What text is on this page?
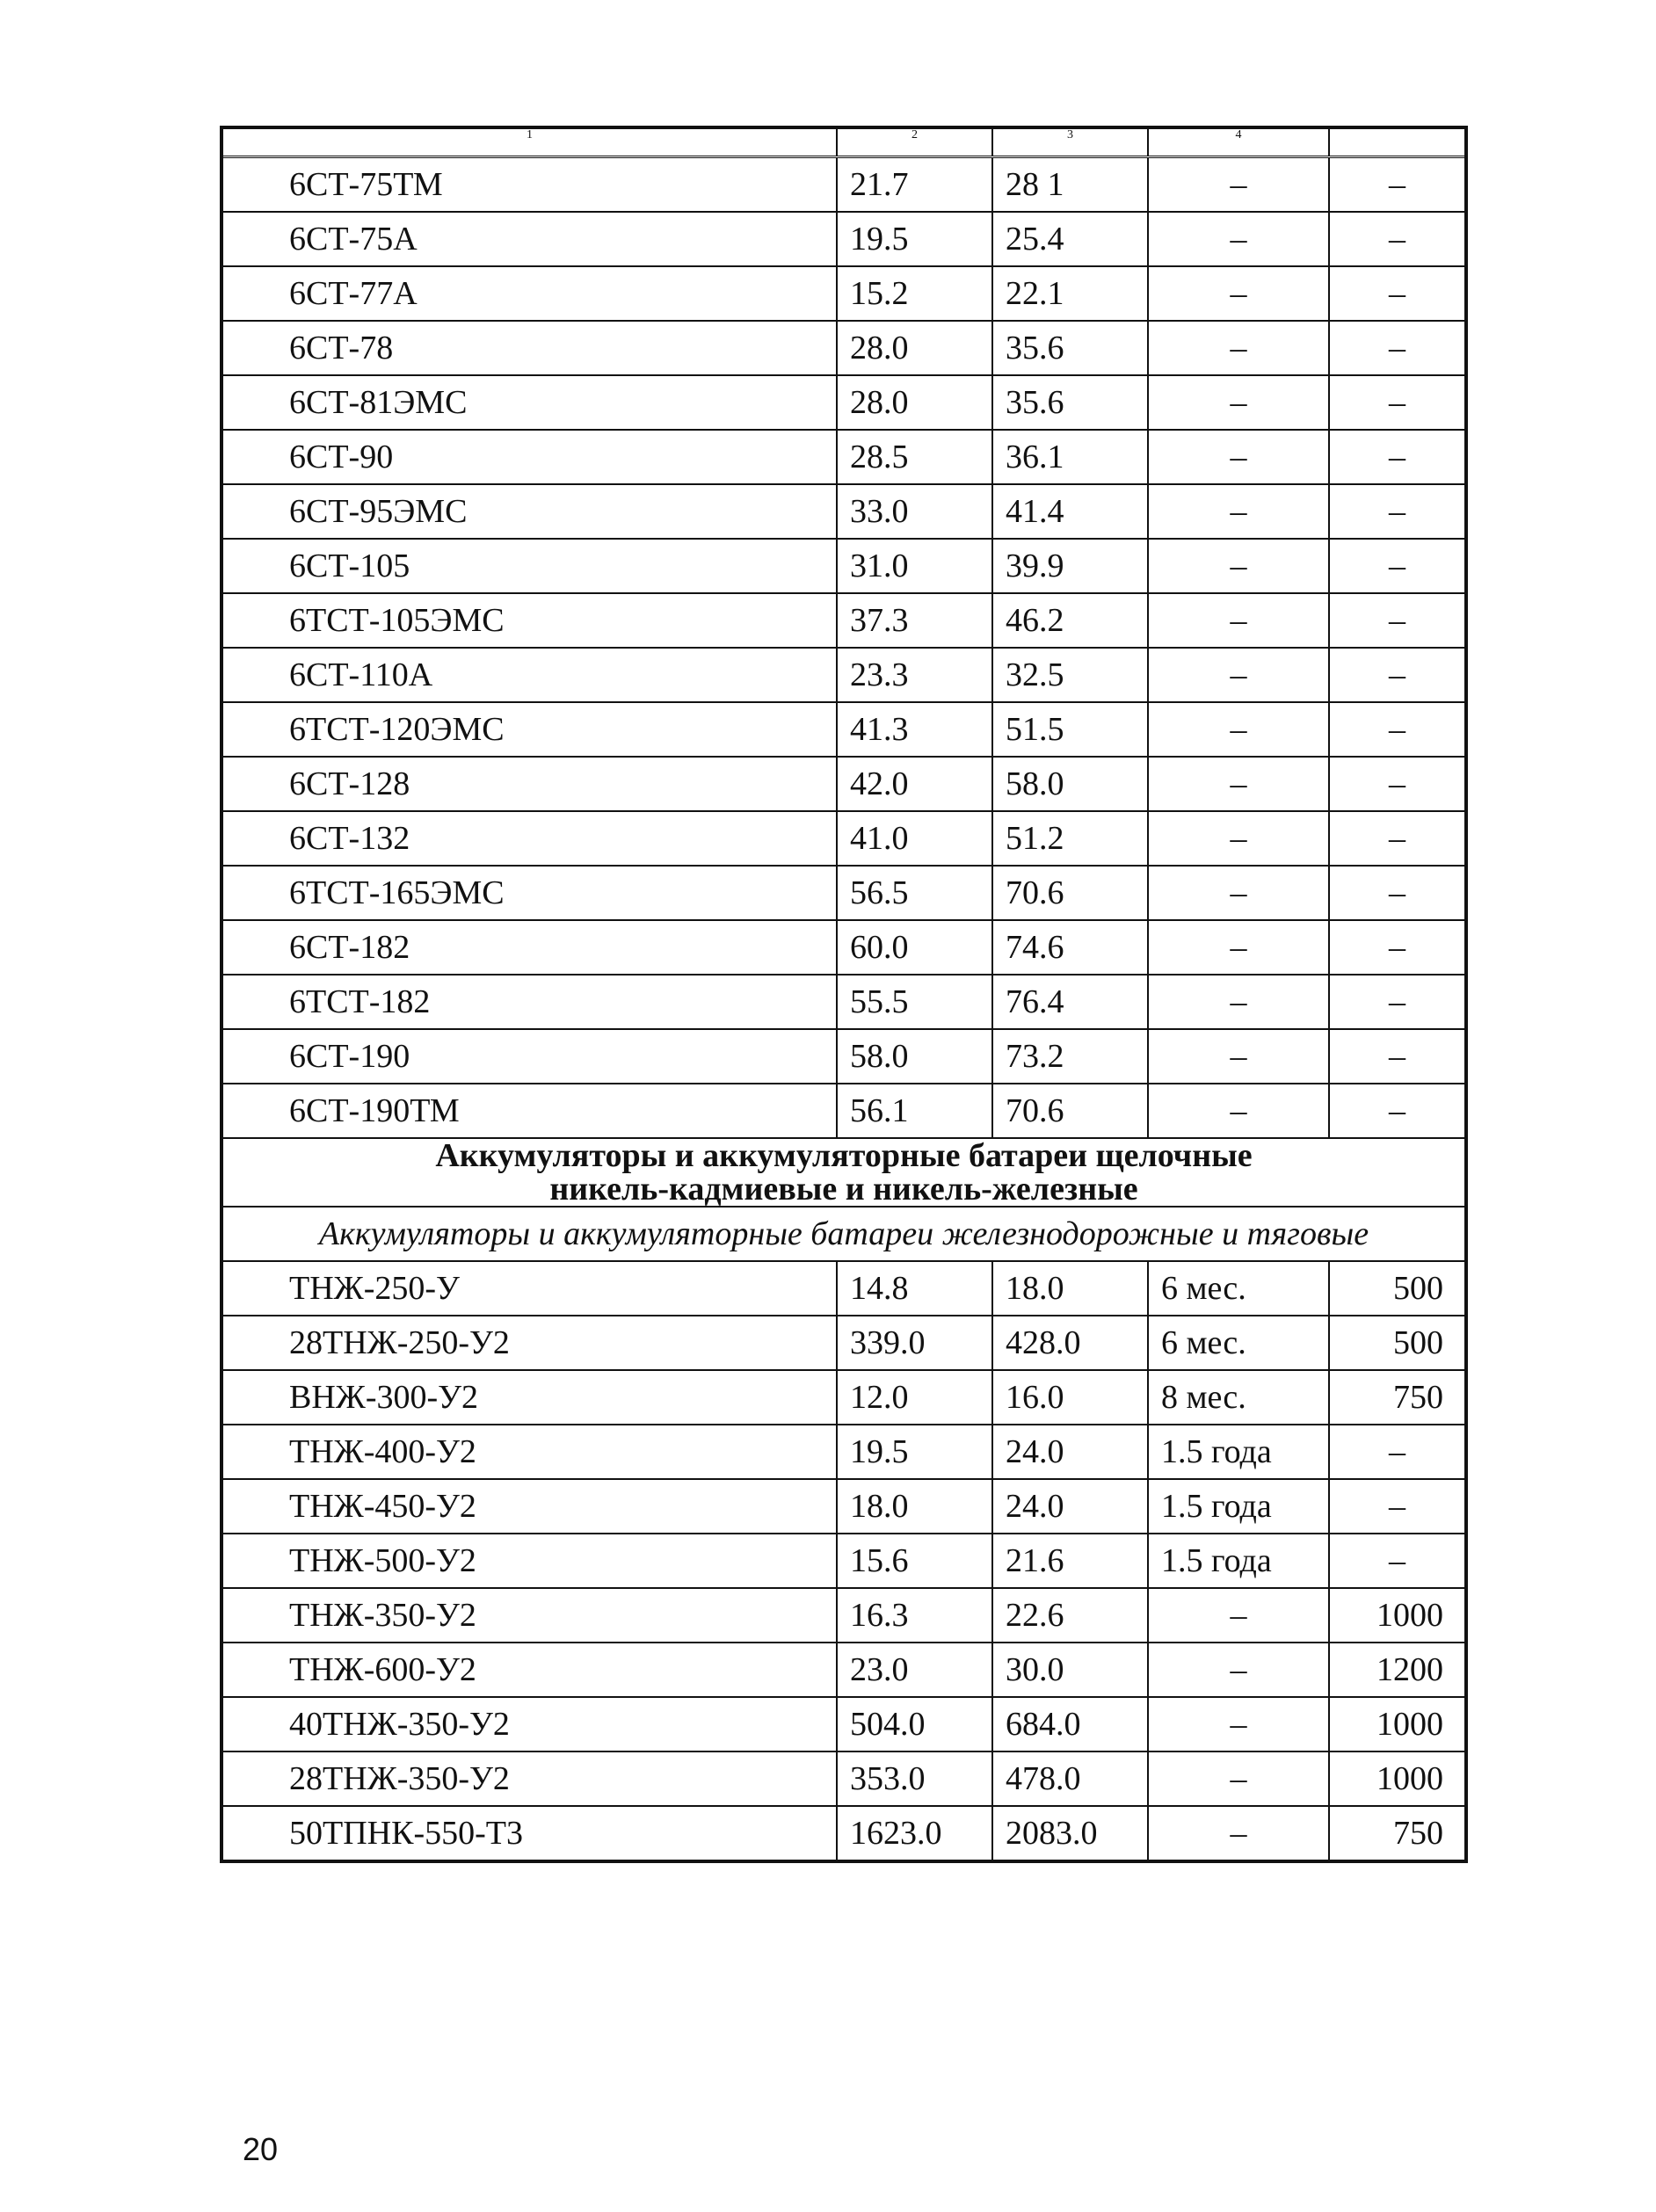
1	2	3	4	
6СТ-75ТМ	21.7	28 1	–	–
6СТ-75А	19.5	25.4	–	–
6СТ-77А	15.2	22.1	–	–
6СТ-78	28.0	35.6	–	–
6СТ-81ЭМС	28.0	35.6	–	–
6СТ-90	28.5	36.1	–	–
6СТ-95ЭМС	33.0	41.4	–	–
6СТ-105	31.0	39.9	–	–
6ТСТ-105ЭМС	37.3	46.2	–	–
6СТ-110А	23.3	32.5	–	–
6ТСТ-120ЭМС	41.3	51.5	–	–
6СТ-128	42.0	58.0	–	–
6СТ-132	41.0	51.2	–	–
6ТСТ-165ЭМС	56.5	70.6	–	–
6СТ-182	60.0	74.6	–	–
6ТСТ-182	55.5	76.4	–	–
6СТ-190	58.0	73.2	–	–
6СТ-190ТМ	56.1	70.6	–	–

Аккумуляторы и аккумуляторные батареи щелочные
никель-кадмиевые и никель-железные				

Аккумуляторы и аккумуляторные батареи железнодорожные и тяговые				
ТНЖ-250-У	14.8	18.0	6 мес.	500
28ТНЖ-250-У2	339.0	428.0	6 мес.	500
ВНЖ-300-У2	12.0	16.0	8 мес.	750
ТНЖ-400-У2	19.5	24.0	1.5 года	–
ТНЖ-450-У2	18.0	24.0	1.5 года	–
ТНЖ-500-У2	15.6	21.6	1.5 года	–
ТНЖ-350-У2	16.3	22.6	–	1000
ТНЖ-600-У2	23.0	30.0	–	1200
40ТНЖ-350-У2	504.0	684.0	–	1000
28ТНЖ-350-У2	353.0	478.0	–	1000
50ТПНК-550-Т3	1623.0	2083.0	–	750
20
